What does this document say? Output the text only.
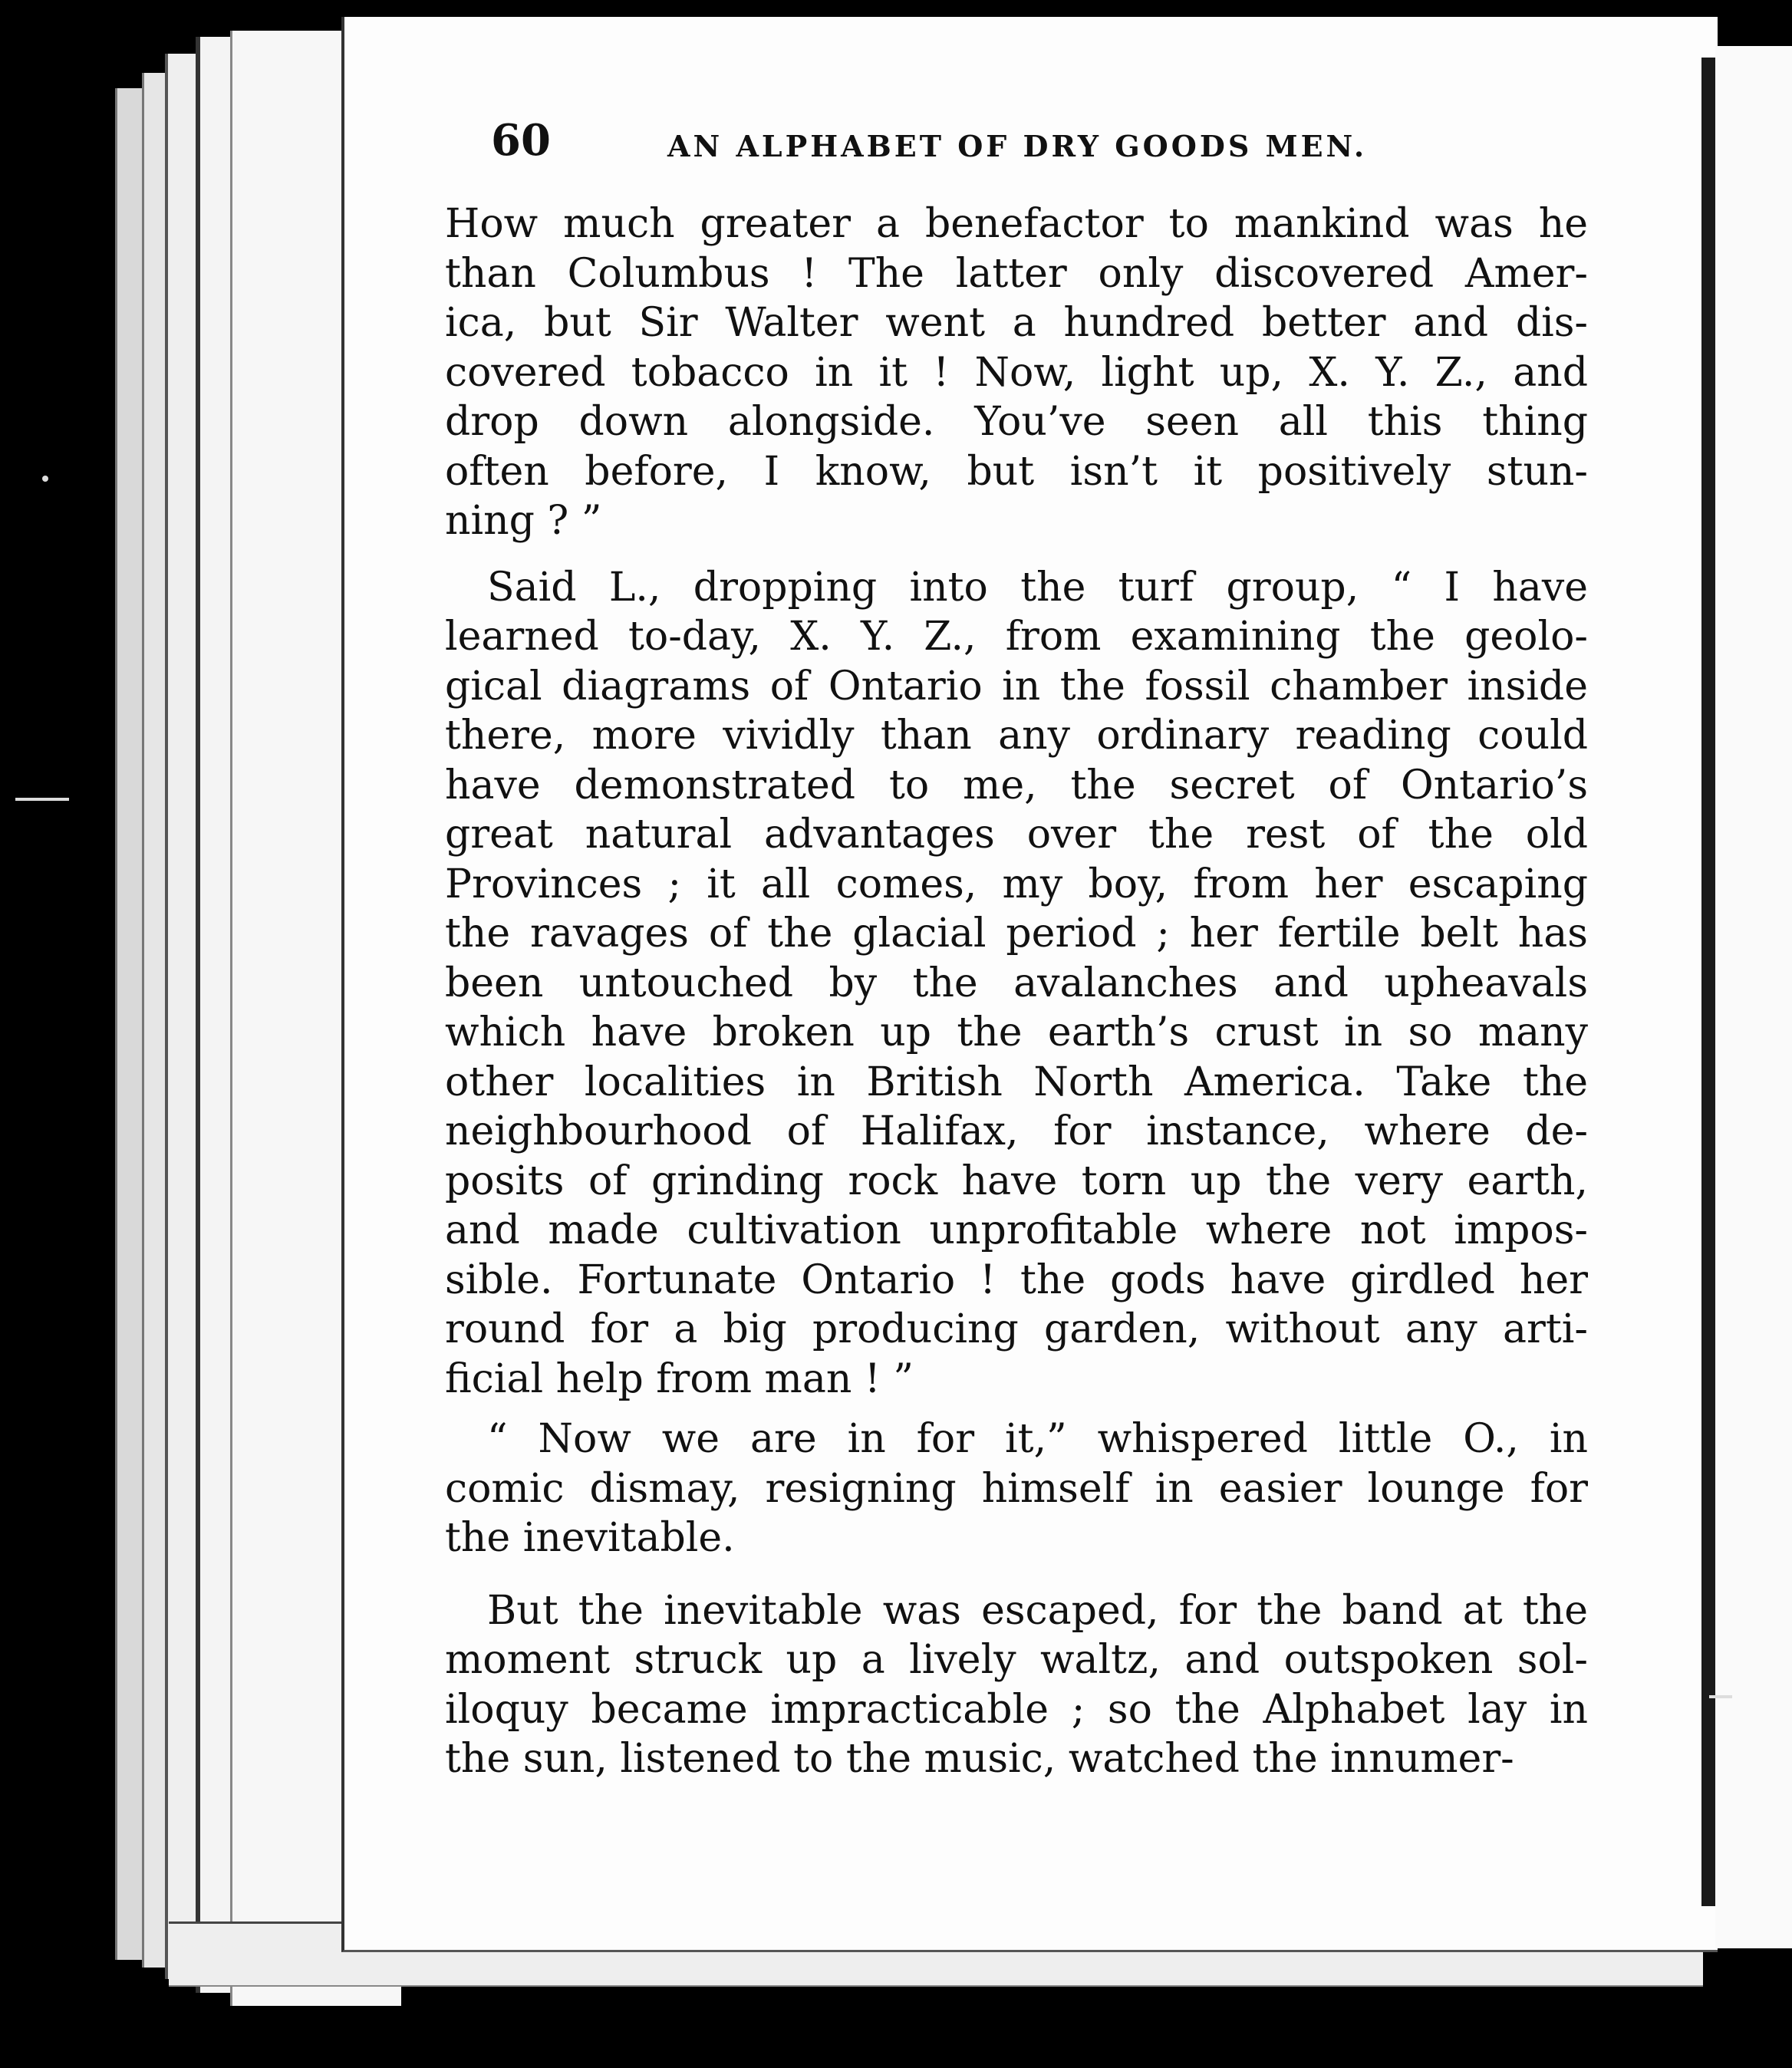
60	AN ALPHABET OF DRY GOODS MEN.

How much greater a benefactor to mankind was he
than Columbus ! The latter only discovered Amer-
ica, but Sir Walter went a hundred better and dis-
covered tobacco in it ! Now, light up, X. Y. Z., and
drop down alongside. You’ve seen all this thing
often before, I know, but isn’t it positively stun-
ning ? ”

Said L., dropping into the turf group, “ I have
learned to-day, X. Y. Z., from examining the geolo-
gical diagrams of Ontario in the fossil chamber inside
there, more vividly than any ordinary reading could
have demonstrated to me, the secret of Ontario’s
great natural advantages over the rest of the old
Provinces ; it all comes, my boy, from her escaping
the ravages of the glacial period ; her fertile belt has
been untouched by the avalanches and upheavals
which have broken up the earth’s crust in so many
other localities in British North America. Take the
neighbourhood of Halifax, for instance, where de-
posits of grinding rock have torn up the very earth,
and made cultivation unprofitable where not impos-
sible. Fortunate Ontario ! the gods have girdled her
round for a big producing garden, without any arti-
ficial help from man ! ”

“ Now we are in for it,” whispered little O., in
comic dismay, resigning himself in easier lounge for
the inevitable.

But the inevitable was escaped, for the band at the
moment struck up a lively waltz, and outspoken sol-
iloquy became impracticable ; so the Alphabet lay in
the sun, listened to the music, watched the innumer-
